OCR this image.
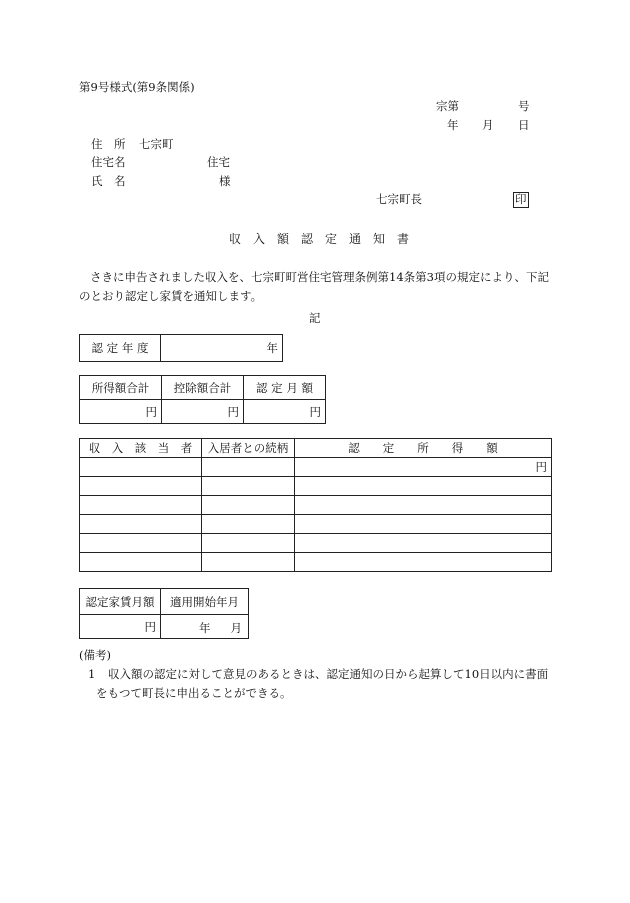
第9号様式(第9条関係)
宗第	号
年 月 日
住　所 七宗町
住宅名	住宅
氏　名	様
七宗町長	印
収　入　額　認　定　通　知　書
さきに申告されました収入を、七宗町町営住宅管理条例第14条第3項の規定により、下記のとおり認定し家賃を通知します。
記
認 定 年 度	年
所得額合計	控除額合計	認 定 月 額
円	円	円
収　入　該　当　者	入居者との続柄	認　　定　　所　　得　　額
		円

認定家賃月額	適用開始年月
円	年 月
(備考)
1	収入額の認定に対して意見のあるときは、認定通知の日から起算して10日以内に書面をもつて町長に申出ることができる。
